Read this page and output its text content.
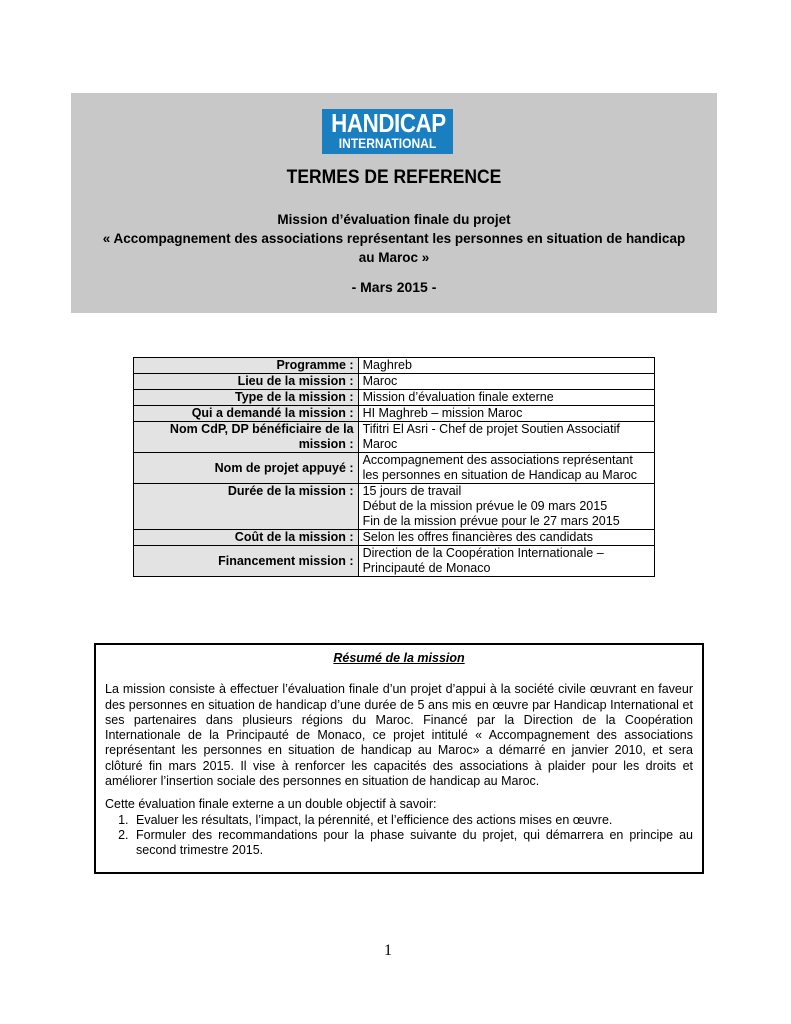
HANDICAP
INTERNATIONAL
TERMES DE REFERENCE
Mission d’évaluation finale du projet
« Accompagnement des associations représentant les personnes en situation de handicap au Maroc »
- Mars 2015 -
Programme :	Maghreb
Lieu de la mission :	Maroc
Type de la mission :	Mission d’évaluation finale externe
Qui a demandé la mission :	HI Maghreb – mission Maroc
Nom CdP, DP bénéficiaire de la mission :	Tifitri El Asri - Chef de projet Soutien Associatif Maroc
Nom de projet appuyé :	Accompagnement des associations représentant les personnes en situation de Handicap au Maroc
Durée de la mission :	15 jours de travail
Début de la mission prévue le 09 mars 2015
Fin de la mission prévue pour le 27 mars 2015

Coût de la mission :	Selon les offres financières des candidats
Financement mission :	Direction de la Coopération Internationale – Principauté de Monaco
Résumé de la mission

La mission consiste à effectuer l’évaluation finale d’un projet d’appui à la société civile œuvrant en faveur des personnes en situation de handicap d’une durée de 5 ans mis en œuvre par Handicap International et ses partenaires dans plusieurs régions du Maroc. Financé par la Direction de la Coopération Internationale de la Principauté de Monaco, ce projet intitulé « Accompagnement des associations représentant les personnes en situation de handicap au Maroc» a démarré en janvier 2010, et sera clôturé fin mars 2015. Il vise à renforcer les capacités des associations à plaider pour les droits et améliorer l’insertion sociale des personnes en situation de handicap au Maroc.

Cette évaluation finale externe a un double objectif à savoir:

1. Evaluer les résultats, l’impact, la pérennité, et l’efficience des actions mises en œuvre.
2. Formuler des recommandations pour la phase suivante du projet, qui démarrera en principe au second trimestre 2015.
1
